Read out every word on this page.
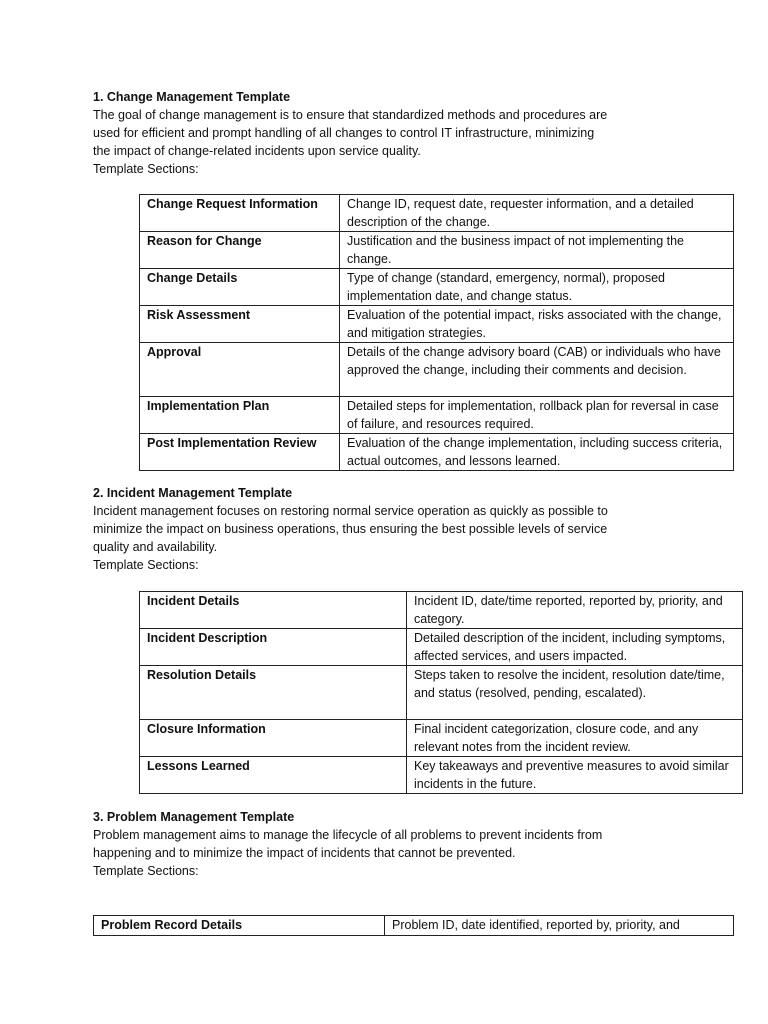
1. Change Management Template

The goal of change management is to ensure that standardized methods and procedures are

used for efficient and prompt handling of all changes to control IT infrastructure, minimizing

the impact of change-related incidents upon service quality.

Template Sections:

Change Request Information	Change ID, request date, requester information, and a detailed description of the change.
Reason for Change	Justification and the business impact of not implementing the change.
Change Details	Type of change (standard, emergency, normal), proposed implementation date, and change status.
Risk Assessment	Evaluation of the potential impact, risks associated with the change, and mitigation strategies.
Approval	Details of the change advisory board (CAB) or individuals who have approved the change, including their comments and decision.
Implementation Plan	Detailed steps for implementation, rollback plan for reversal in case of failure, and resources required.
Post Implementation Review	Evaluation of the change implementation, including success criteria, actual outcomes, and lessons learned.
2. Incident Management Template

Incident management focuses on restoring normal service operation as quickly as possible to

minimize the impact on business operations, thus ensuring the best possible levels of service

quality and availability.

Template Sections:

Incident Details	Incident ID, date/time reported, reported by, priority, and category.
Incident Description	Detailed description of the incident, including symptoms, affected services, and users impacted.
Resolution Details	Steps taken to resolve the incident, resolution date/time, and status (resolved, pending, escalated).
Closure Information	Final incident categorization, closure code, and any relevant notes from the incident review.
Lessons Learned	Key takeaways and preventive measures to avoid similar incidents in the future.
3. Problem Management Template

Problem management aims to manage the lifecycle of all problems to prevent incidents from

happening and to minimize the impact of incidents that cannot be prevented.

Template Sections:

Problem Record Details	Problem ID, date identified, reported by, priority, and
